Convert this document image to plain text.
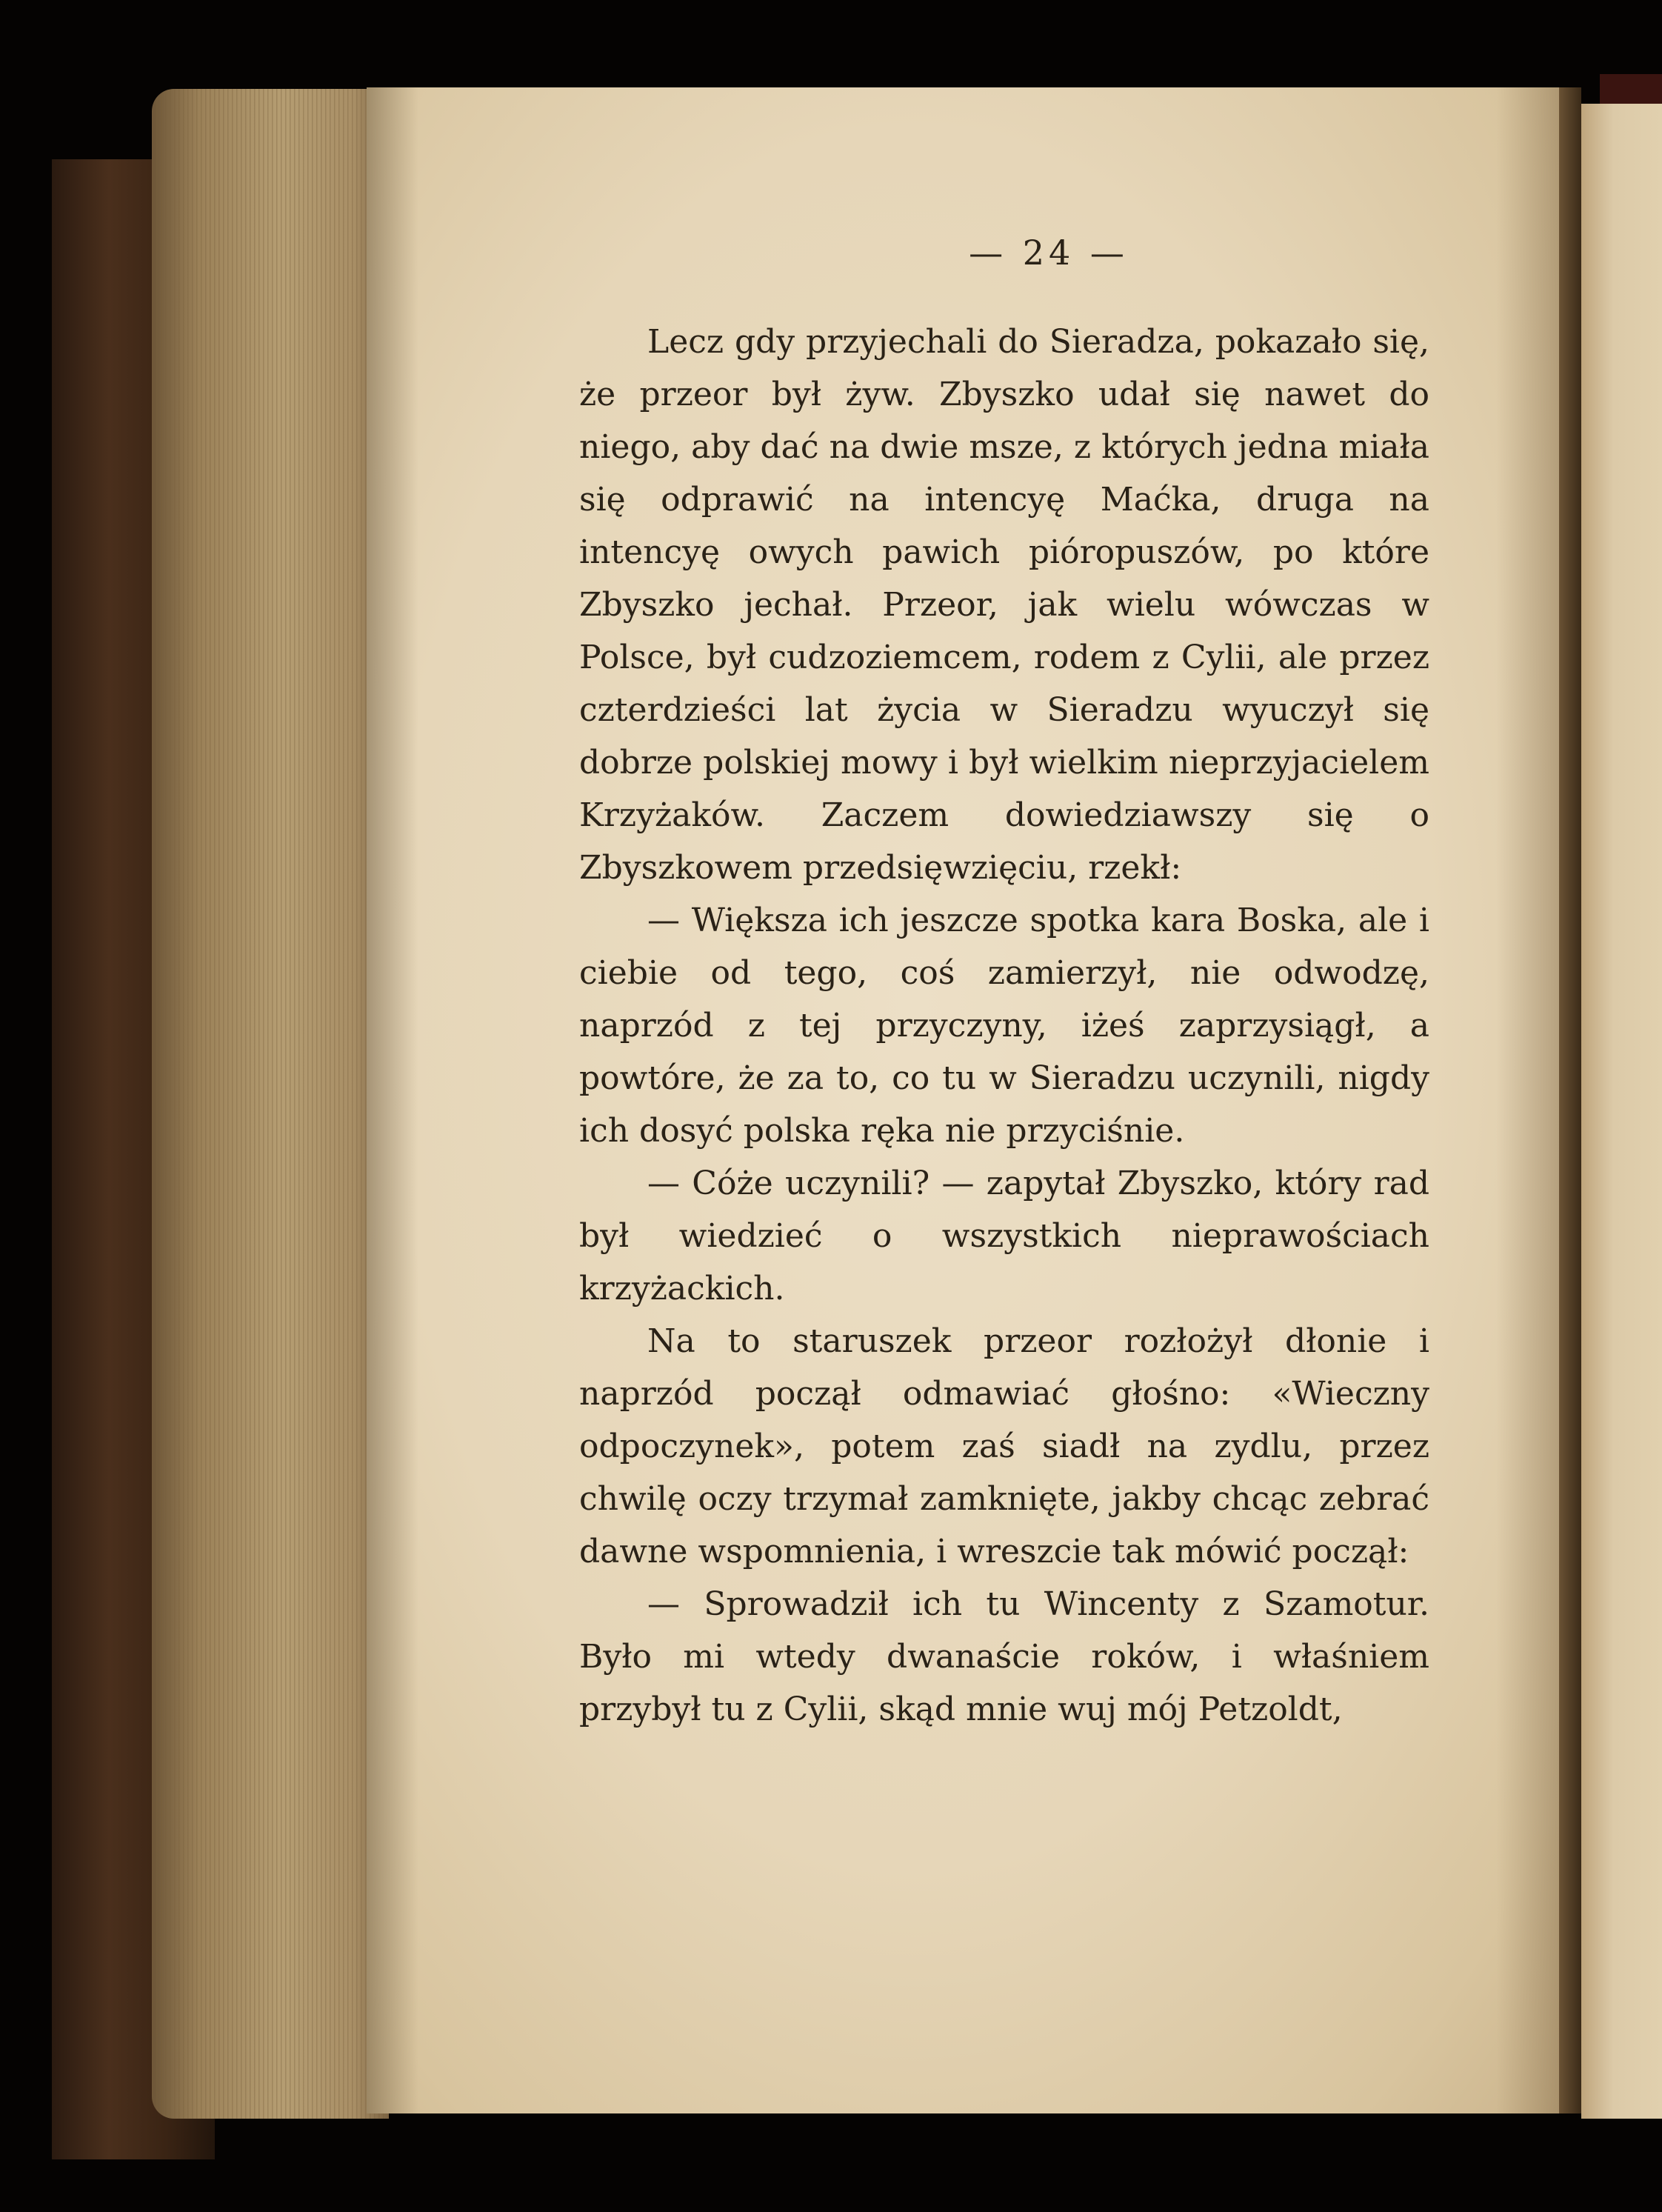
— 24 —

Lecz gdy przyjechali do Sieradza, pokazało się, że przeor był żyw. Zbyszko udał się nawet do niego, aby dać na dwie msze, z których jedna miała się odprawić na intencyę Maćka, druga na intencyę owych pawich pióropuszów, po które Zbyszko jechał. Przeor, jak wielu wówczas w Polsce, był cudzoziemcem, rodem z Cylii, ale przez czterdzieści lat życia w Sieradzu wyuczył się dobrze polskiej mowy i był wielkim nieprzyjacielem Krzyżaków. Zaczem dowiedziawszy się o Zbyszkowem przedsięwzięciu, rzekł:

— Większa ich jeszcze spotka kara Boska, ale i ciebie od tego, coś zamierzył, nie odwodzę, naprzód z tej przyczyny, iżeś zaprzysiągł, a powtóre, że za to, co tu w Sieradzu uczynili, nigdy ich dosyć polska ręka nie przyciśnie.

— Cóże uczynili? — zapytał Zbyszko, który rad był wiedzieć o wszystkich nieprawościach krzyżackich.

Na to staruszek przeor rozłożył dłonie i naprzód począł odmawiać głośno: «Wieczny odpoczynek», potem zaś siadł na zydlu, przez chwilę oczy trzymał zamknięte, jakby chcąc zebrać dawne wspomnienia, i wreszcie tak mówić począł:

— Sprowadził ich tu Wincenty z Szamotur. Było mi wtedy dwanaście roków, i właśniem przybył tu z Cylii, skąd mnie wuj mój Petzoldt,
